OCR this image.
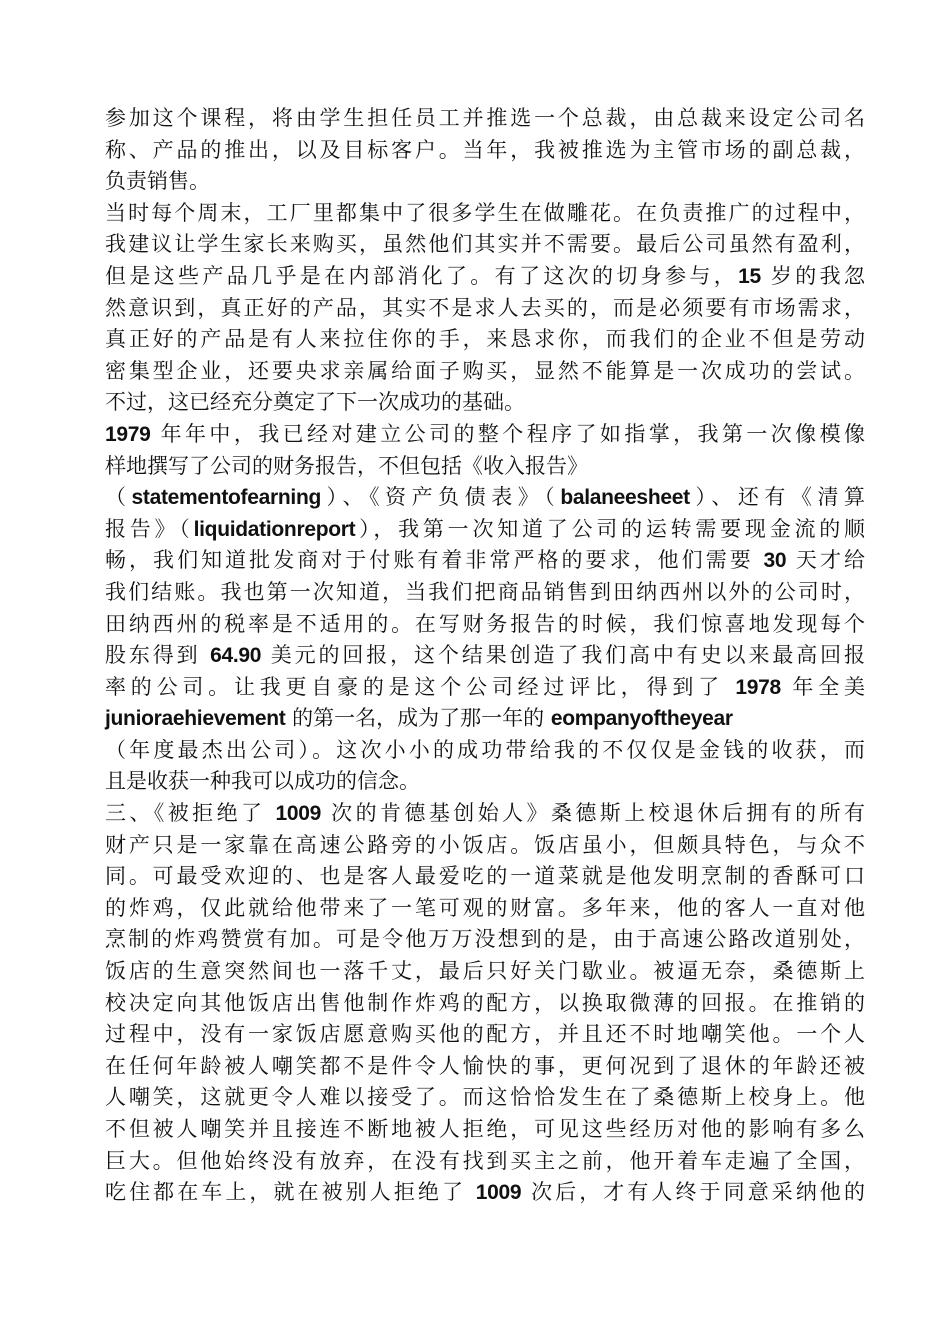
参加这个课程，将由学生担任员工并推选一个总裁，由总裁来设定公司名
称、产品的推出，以及目标客户。当年，我被推选为主管市场的副总裁，
负责销售。
当时每个周末，工厂里都集中了很多学生在做雕花。在负责推广的过程中，
我建议让学生家长来购买，虽然他们其实并不需要。最后公司虽然有盈利，
但是这些产品几乎是在内部消化了。有了这次的切身参与，15 岁的我忽
然意识到，真正好的产品，其实不是求人去买的，而是必须要有市场需求，
真正好的产品是有人来拉住你的手，来恳求你，而我们的企业不但是劳动
密集型企业，还要央求亲属给面子购买，显然不能算是一次成功的尝试。
不过，这已经充分奠定了下一次成功的基础。
1979 年年中，我已经对建立公司的整个程序了如指掌，我第一次像模像
样地撰写了公司的财务报告，不但包括《收入报告》
（statementofearning）、《资产负债表》（balaneesheet）、还有《清算
报告》（liquidationreport），我第一次知道了公司的运转需要现金流的顺
畅，我们知道批发商对于付账有着非常严格的要求，他们需要 30 天才给
我们结账。我也第一次知道，当我们把商品销售到田纳西州以外的公司时，
田纳西州的税率是不适用的。在写财务报告的时候，我们惊喜地发现每个
股东得到 64.90 美元的回报，这个结果创造了我们高中有史以来最高回报
率的公司。让我更自豪的是这个公司经过评比，得到了 1978 年全美
junioraehievement 的第一名，成为了那一年的 eompanyoftheyear
（年度最杰出公司）。这次小小的成功带给我的不仅仅是金钱的收获，而
且是收获一种我可以成功的信念。
三、《被拒绝了 1009 次的肯德基创始人》桑德斯上校退休后拥有的所有
财产只是一家靠在高速公路旁的小饭店。饭店虽小，但颇具特色，与众不
同。可最受欢迎的、也是客人最爱吃的一道菜就是他发明烹制的香酥可口
的炸鸡，仅此就给他带来了一笔可观的财富。多年来，他的客人一直对他
烹制的炸鸡赞赏有加。可是令他万万没想到的是，由于高速公路改道别处，
饭店的生意突然间也一落千丈，最后只好关门歇业。被逼无奈，桑德斯上
校决定向其他饭店出售他制作炸鸡的配方，以换取微薄的回报。在推销的
过程中，没有一家饭店愿意购买他的配方，并且还不时地嘲笑他。一个人
在任何年龄被人嘲笑都不是件令人愉快的事，更何况到了退休的年龄还被
人嘲笑，这就更令人难以接受了。而这恰恰发生在了桑德斯上校身上。他
不但被人嘲笑并且接连不断地被人拒绝，可见这些经历对他的影响有多么
巨大。但他始终没有放弃，在没有找到买主之前，他开着车走遍了全国，
吃住都在车上，就在被别人拒绝了 1009 次后，才有人终于同意采纳他的
